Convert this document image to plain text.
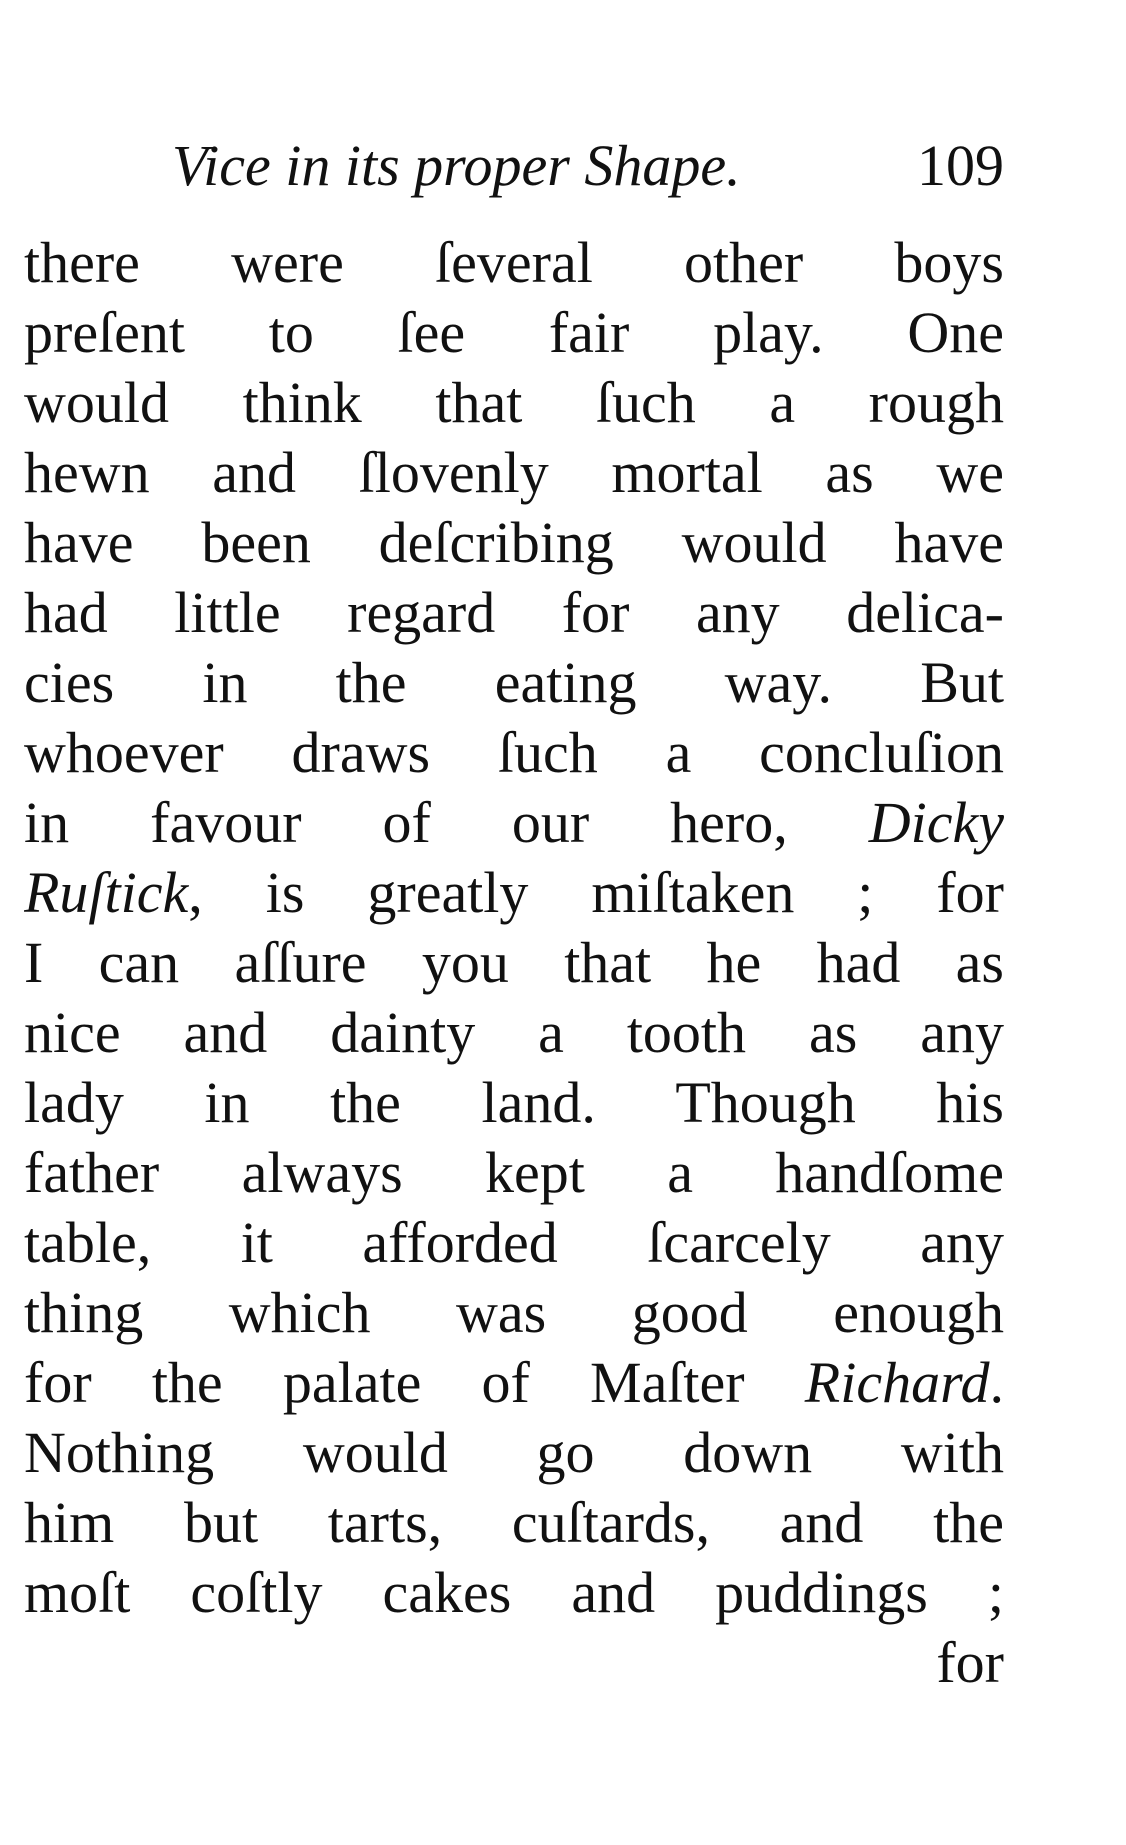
Vice in its proper Shape.	109
there were ſeveral other boys
preſent to ſee fair play. One
would think that ſuch a rough
hewn and ſlovenly mortal as we
have been deſcribing would have
had little regard for any delica-
cies in the eating way. But
whoever draws ſuch a concluſion
in favour of our hero, Dicky
Ruſtick, is greatly miſtaken ; for
I can aſſure you that he had as
nice and dainty a tooth as any
lady in the land. Though his
father always kept a handſome
table, it afforded ſcarcely any
thing which was good enough
for the palate of Maſter Richard.
Nothing would go down with
him but tarts, cuſtards, and the
moſt coſtly cakes and puddings ;
for
